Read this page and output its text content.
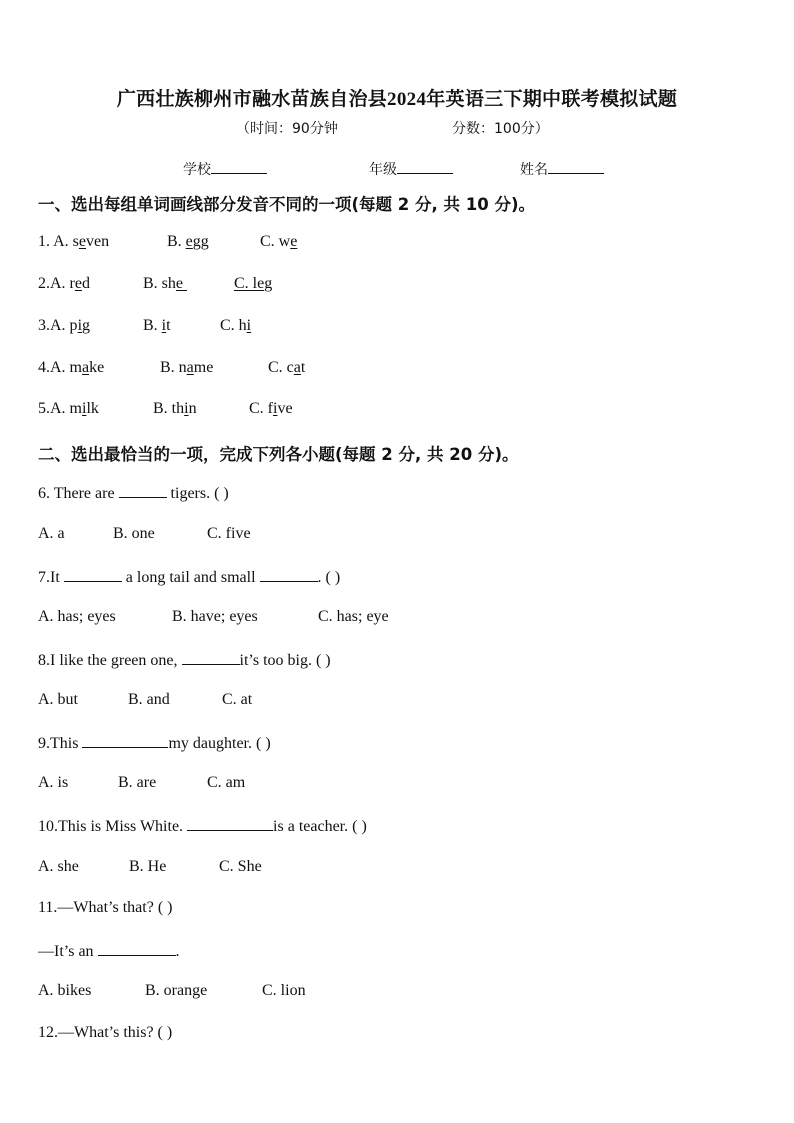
广西壮族柳州市融水苗族自治县2024年英语三下期中联考模拟试题
（时间：90分钟	分数：100分）
学校	年级	姓名
一、选出每组单词画线部分发音不同的一项(每题 2 分, 共 10 分)。
1. A. seven	B. egg	C. we
2.A. red	B. she	C. leg
3.A. pig	B. it	C. hi
4.A. make	B. name	C. cat
5.A. milk	B. thin	C. five
二、选出最恰当的一项，完成下列各小题(每题 2 分, 共 20 分)。
6. There are	tigers. ( )
A. a	B. one	C. five
7.It	a long tail and small	. ( )
A. has; eyes	B. have; eyes	C. has; eye
8.I like the green one,	it’s too big. ( )
A. but	B. and	C. at
9.This	my daughter. ( )
A. is	B. are	C. am
10.This is Miss White.	is a teacher. ( )
A. she	B. He	C. She
11.—What’s that? ( )
—It’s an	.
A. bikes	B. orange	C. lion
12.—What’s this? ( )
